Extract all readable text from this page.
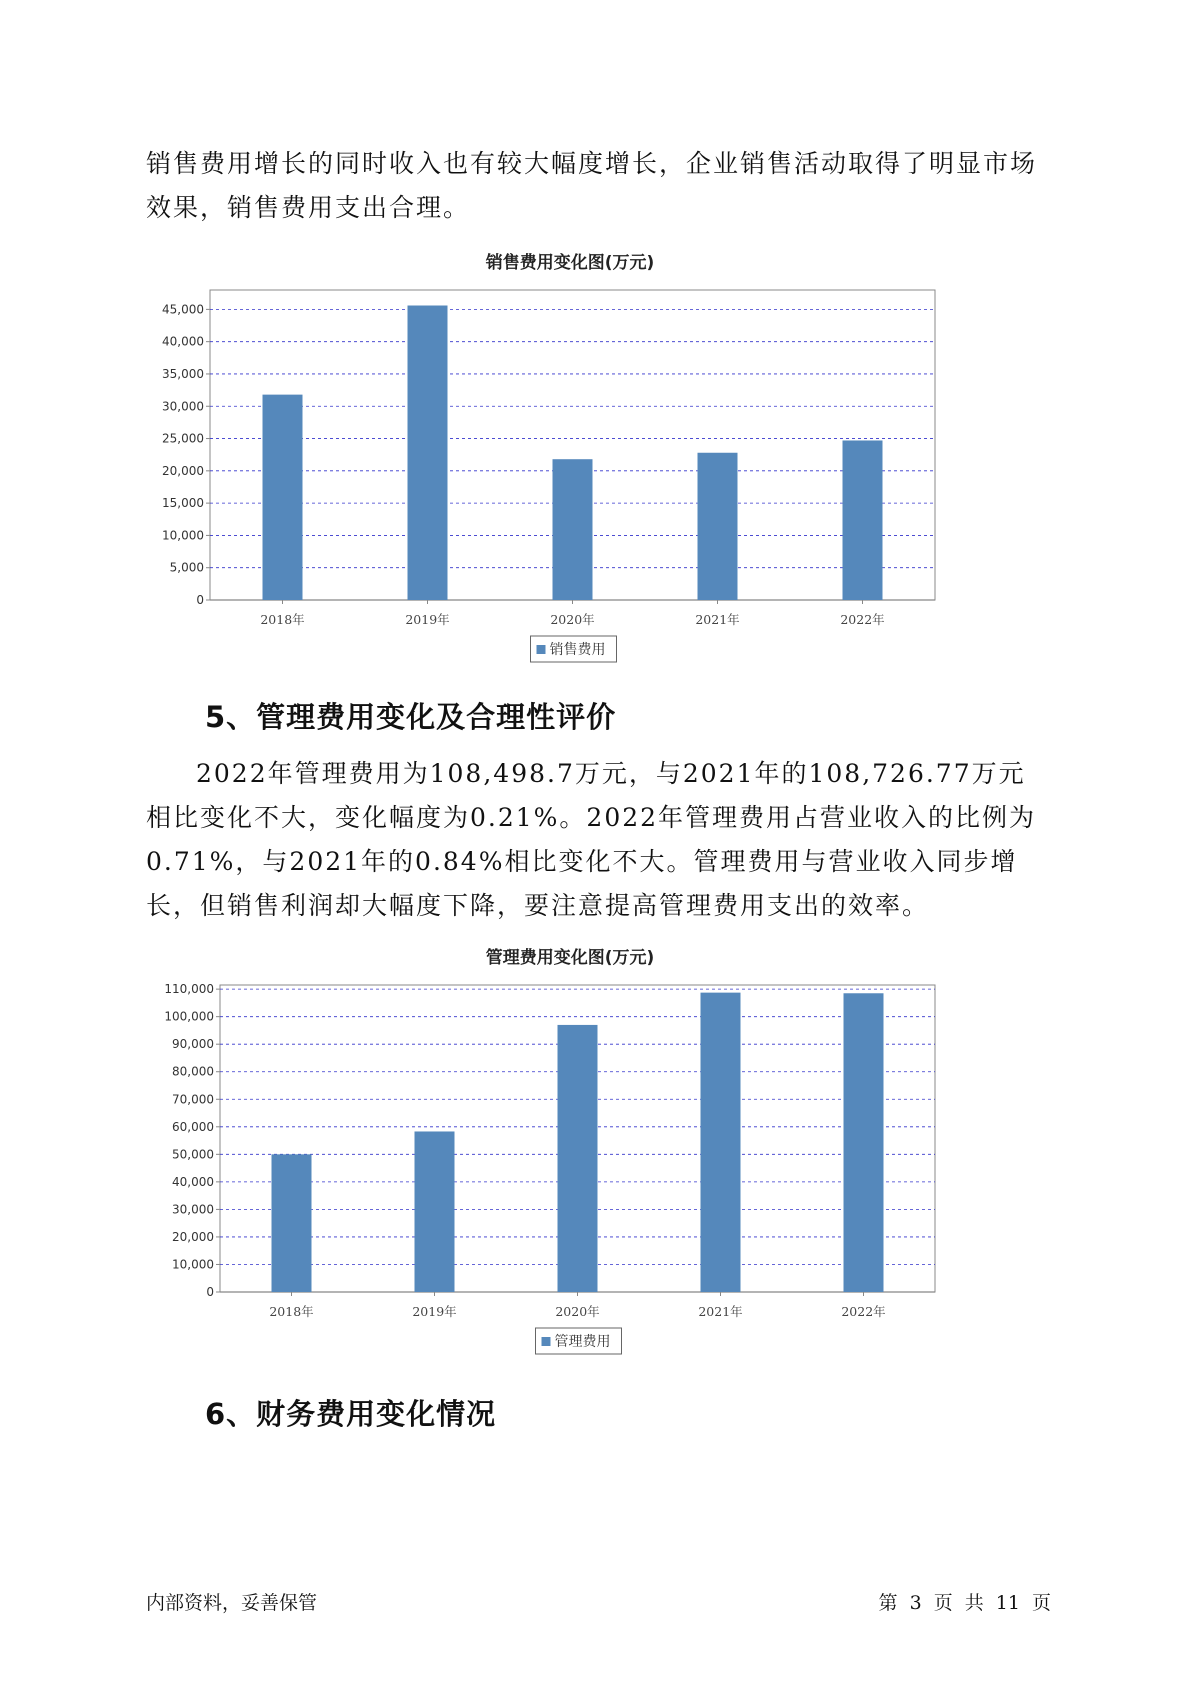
销售费用增长的同时收入也有较大幅度增长，企业销售活动取得了明显市场效果，销售费用支出合理。

销售费用变化图(万元)
0
5,000
10,000
15,000
20,000
25,000
30,000
35,000
40,000
45,000
2018年	2019年	2020年	2021年	2022年
销售费用
5、管理费用变化及合理性评价

2022年管理费用为108,498.7万元，与2021年的108,726.77万元相比变化不大，变化幅度为0.21%。2022年管理费用占营业收入的比例为0.71%，与2021年的0.84%相比变化不大。管理费用与营业收入同步增长，但销售利润却大幅度下降，要注意提高管理费用支出的效率。

管理费用变化图(万元)
0
10,000
20,000
30,000
40,000
50,000
60,000
70,000
80,000
90,000
100,000
110,000
2018年	2019年	2020年	2021年	2022年
管理费用
6、财务费用变化情况
内部资料，妥善保管	第 3 页 共 11 页
